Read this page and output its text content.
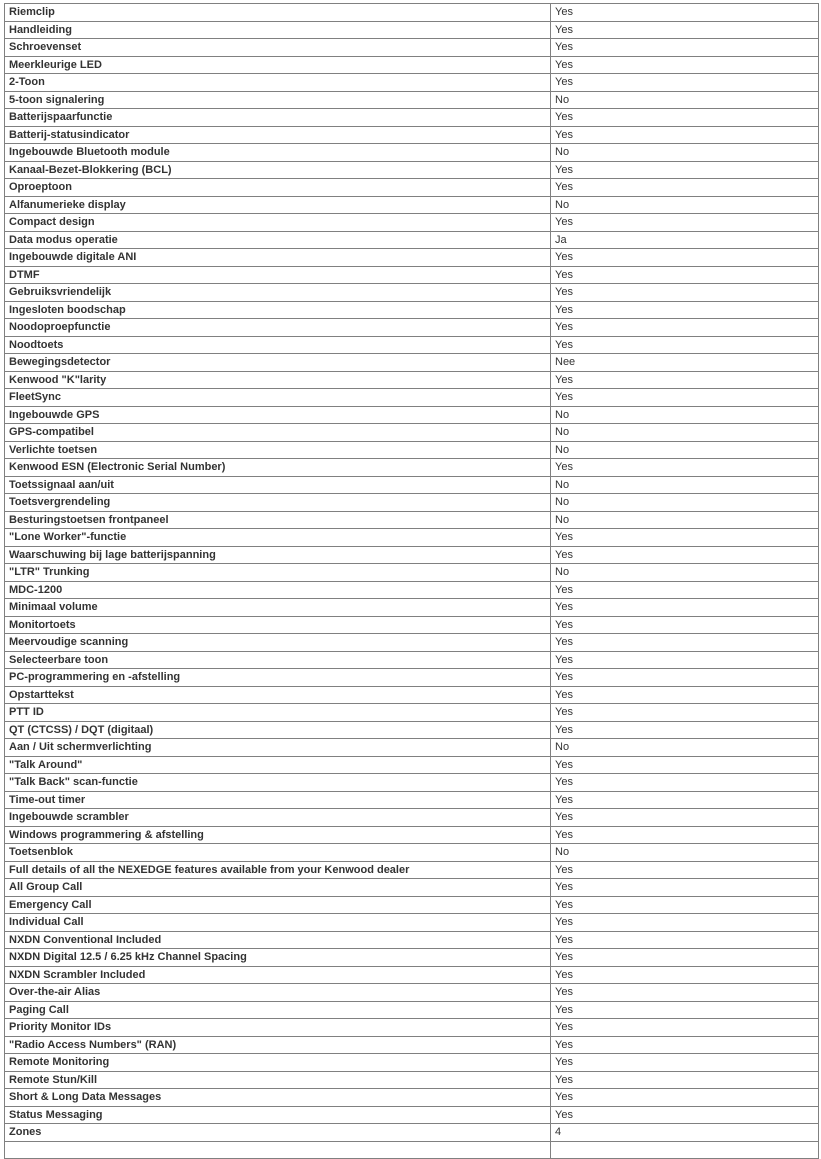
Riemclip	Yes
Handleiding	Yes
Schroevenset	Yes
Meerkleurige LED	Yes
2-Toon	Yes
5-toon signalering	No
Batterijspaarfunctie	Yes
Batterij-statusindicator	Yes
Ingebouwde Bluetooth module	No
Kanaal-Bezet-Blokkering (BCL)	Yes
Oproeptoon	Yes
Alfanumerieke display	No
Compact design	Yes
Data modus operatie	Ja
Ingebouwde digitale ANI	Yes
DTMF	Yes
Gebruiksvriendelijk	Yes
Ingesloten boodschap	Yes
Noodoproepfunctie	Yes
Noodtoets	Yes
Bewegingsdetector	Nee
Kenwood "K"larity	Yes
FleetSync	Yes
Ingebouwde GPS	No
GPS-compatibel	No
Verlichte toetsen	No
Kenwood ESN (Electronic Serial Number)	Yes
Toetssignaal aan/uit	No
Toetsvergrendeling	No
Besturingstoetsen frontpaneel	No
"Lone Worker"-functie	Yes
Waarschuwing bij lage batterijspanning	Yes
"LTR" Trunking	No
MDC-1200	Yes
Minimaal volume	Yes
Monitortoets	Yes
Meervoudige scanning	Yes
Selecteerbare toon	Yes
PC-programmering en -afstelling	Yes
Opstarttekst	Yes
PTT ID	Yes
QT (CTCSS) / DQT (digitaal)	Yes
Aan / Uit schermverlichting	No
"Talk Around"	Yes
"Talk Back" scan-functie	Yes
Time-out timer	Yes
Ingebouwde scrambler	Yes
Windows programmering & afstelling	Yes
Toetsenblok	No
Full details of all the NEXEDGE features available from your Kenwood dealer	Yes
All Group Call	Yes
Emergency Call	Yes
Individual Call	Yes
NXDN Conventional Included	Yes
NXDN Digital 12.5 / 6.25 kHz Channel Spacing	Yes
NXDN Scrambler Included	Yes
Over-the-air Alias	Yes
Paging Call	Yes
Priority Monitor IDs	Yes
"Radio Access Numbers" (RAN)	Yes
Remote Monitoring	Yes
Remote Stun/Kill	Yes
Short & Long Data Messages	Yes
Status Messaging	Yes
Zones	4
